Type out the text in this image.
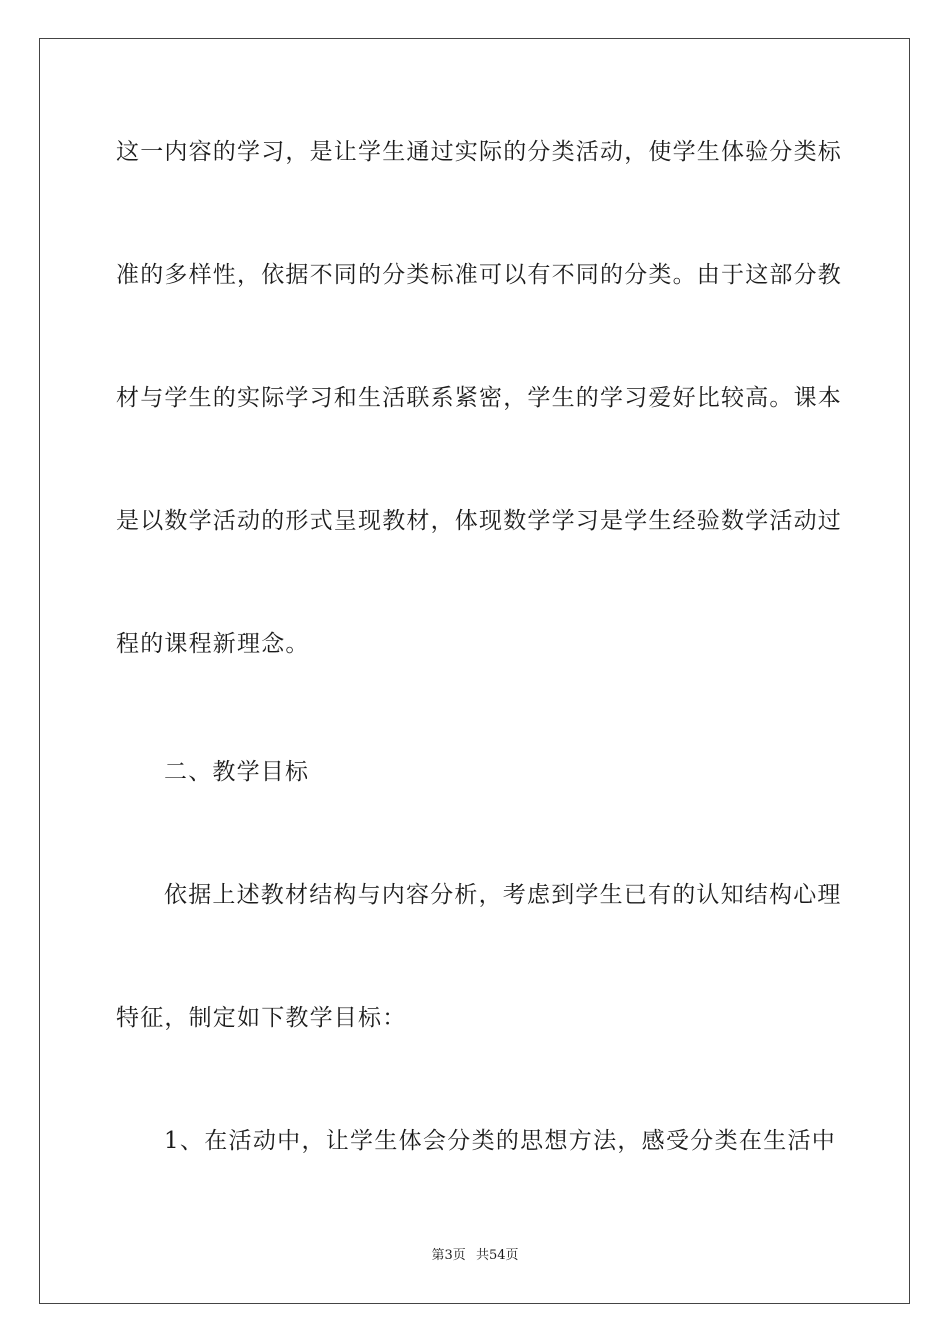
这一内容的学习，是让学生通过实际的分类活动，使学生体验分类标
准的多样性，依据不同的分类标准可以有不同的分类。由于这部分教
材与学生的实际学习和生活联系紧密，学生的学习爱好比较高。课本
是以数学活动的形式呈现教材，体现数学学习是学生经验数学活动过
程的课程新理念。
二、教学目标
依据上述教材结构与内容分析，考虑到学生已有的认知结构心理
特征，制定如下教学目标：
1、在活动中，让学生体会分类的思想方法，感受分类在生活中
第3页 共54页
